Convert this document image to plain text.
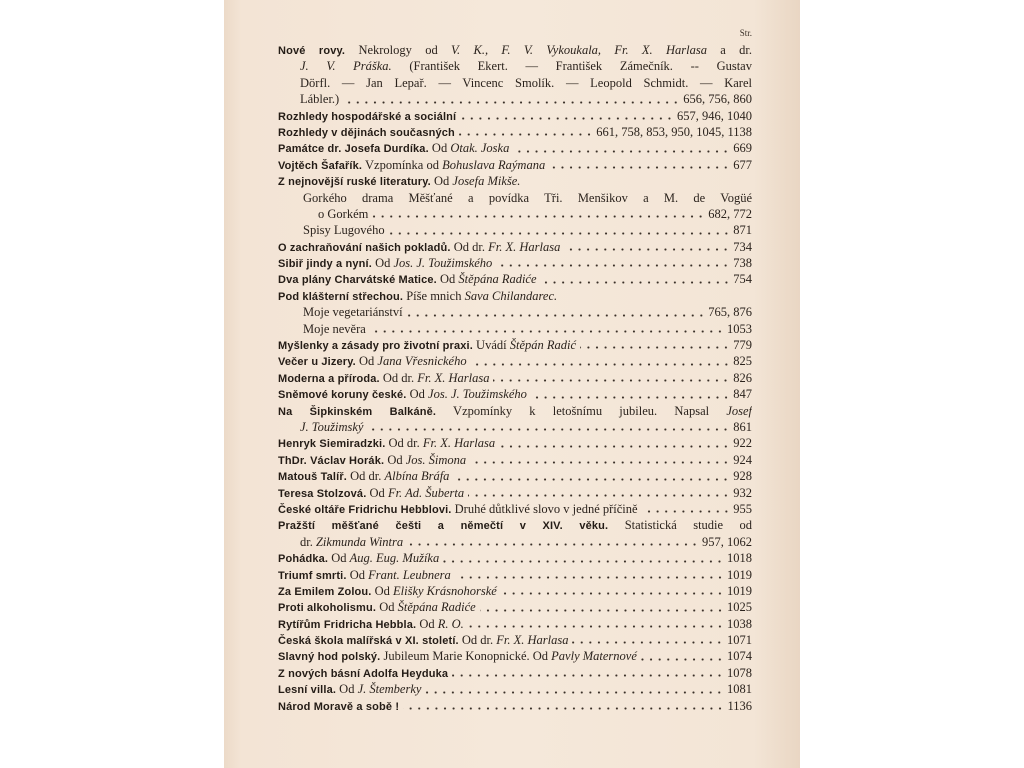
Str.
Nové rovy. Nekrology od V. K., F. V. Vykoukala, Fr. X. Harlasa a dr.
J. V. Práška. (František Ekert. — František Zámečník. -- Gustav
Dörfl. — Jan Lepař. — Vincenc Smolík. — Leopold Schmidt. — Karel
Lábler.)	656, 756, 860
Rozhledy hospodářské a sociální	657, 946, 1040
Rozhledy v dějinách současných	661, 758, 853, 950, 1045, 1138
Památce dr. Josefa Durdíka. Od Otak. Joska	669
Vojtěch Šafařík. Vzpomínka od Bohuslava Raýmana	677
Z nejnovější ruské literatury. Od Josefa Mikše.
Gorkého drama Měšťané a povídka Tři. Menšikov a M. de Vogüé
o Gorkém	682, 772
Spisy Lugového	871
O zachraňování našich pokladů. Od dr. Fr. X. Harlasa	734
Sibiř jindy a nyní. Od Jos. J. Toužimského	738
Dva plány Charvátské Matice. Od Štěpána Radiće	754
Pod klášterní střechou. Píše mnich Sava Chilandarec.
Moje vegetariánství	765, 876
Moje nevěra	1053
Myšlenky a zásady pro životní praxi. Uvádí Štěpán Radić	779
Večer u Jizery. Od Jana Vřesnického	825
Moderna a příroda. Od dr. Fr. X. Harlasa	826
Sněmové koruny české. Od Jos. J. Toužimského	847
Na Šipkinském Balkáně. Vzpomínky k letošnímu jubileu. Napsal Josef
J. Toužimský	861
Henryk Siemiradzki. Od dr. Fr. X. Harlasa	922
ThDr. Václav Horák. Od Jos. Šimona	924
Matouš Talíř. Od dr. Albína Bráfa	928
Teresa Stolzová. Od Fr. Ad. Šuberta	932
České oltáře Fridrichu Hebblovi. Druhé důtklivé slovo v jedné příčině	955
Pražští měšťané češti a němečtí v XIV. věku. Statistická studie od
dr. Zikmunda Wintra	957, 1062
Pohádka. Od Aug. Eug. Mužíka	1018
Triumf smrti. Od Frant. Leubnera	1019
Za Emilem Zolou. Od Elišky Krásnohorské	1019
Proti alkoholismu. Od Štěpána Radiće	1025
Rytířům Fridricha Hebbla. Od R. O.	1038
Česká škola malířská v XI. století. Od dr. Fr. X. Harlasa	1071
Slavný hod polský. Jubileum Marie Konopnické. Od Pavly Maternové	1074
Z nových básní Adolfa Heyduka	1078
Lesní villa. Od J. Štemberky	1081
Národ Moravě a sobě !	1136
